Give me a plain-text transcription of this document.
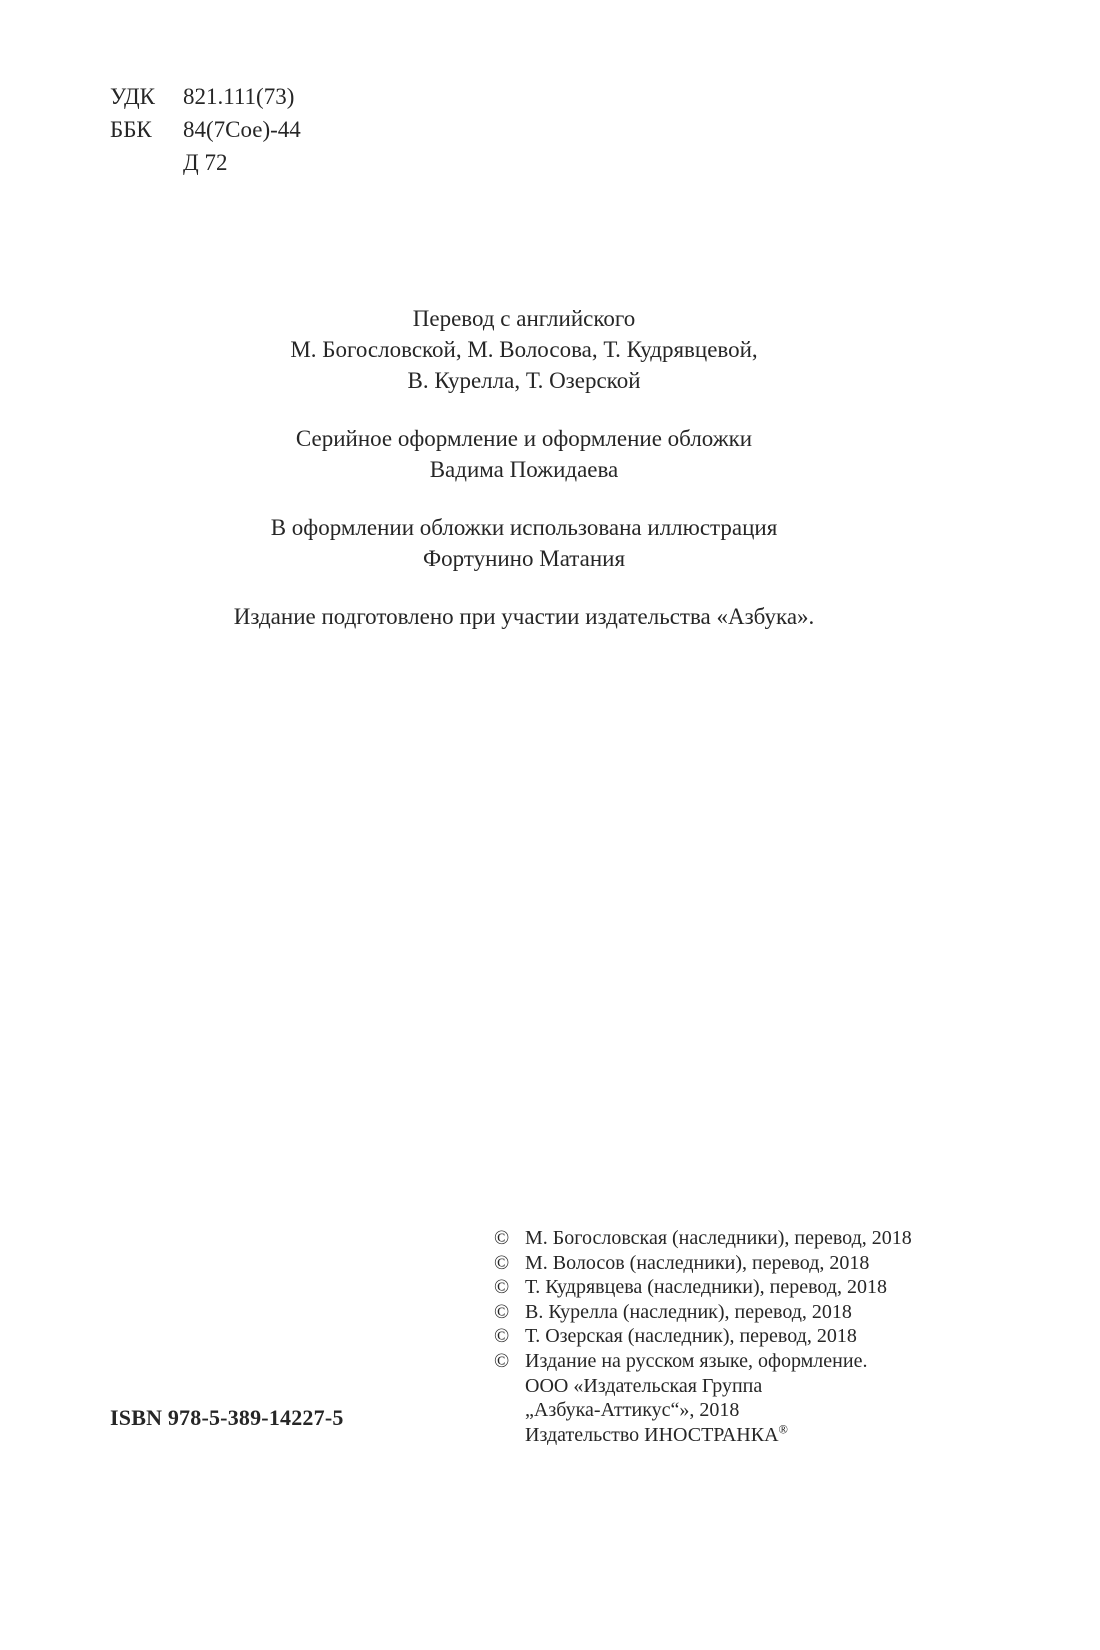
УДК	821.111(73)
ББК	84(7Сое)-44
Д 72

Перевод с английского
М. Богословской, М. Волосова, Т. Кудрявцевой,
В. Курелла, Т. Озерской

Серийное оформление и оформление обложки
Вадима Пожидаева

В оформлении обложки использована иллюстрация
Фортунино Матания

Издание подготовлено при участии издательства «Азбука».

© М. Богословская (наследники), перевод, 2018
© М. Волосов (наследники), перевод, 2018
© Т. Кудрявцева (наследники), перевод, 2018
© В. Курелла (наследник), перевод, 2018
© Т. Озерская (наследник), перевод, 2018
© Издание на русском языке, оформление.
ООО «Издательская Группа
„Азбука-Аттикус“», 2018
Издательство ИНОСТРАНКА®
ISBN 978-5-389-14227-5
